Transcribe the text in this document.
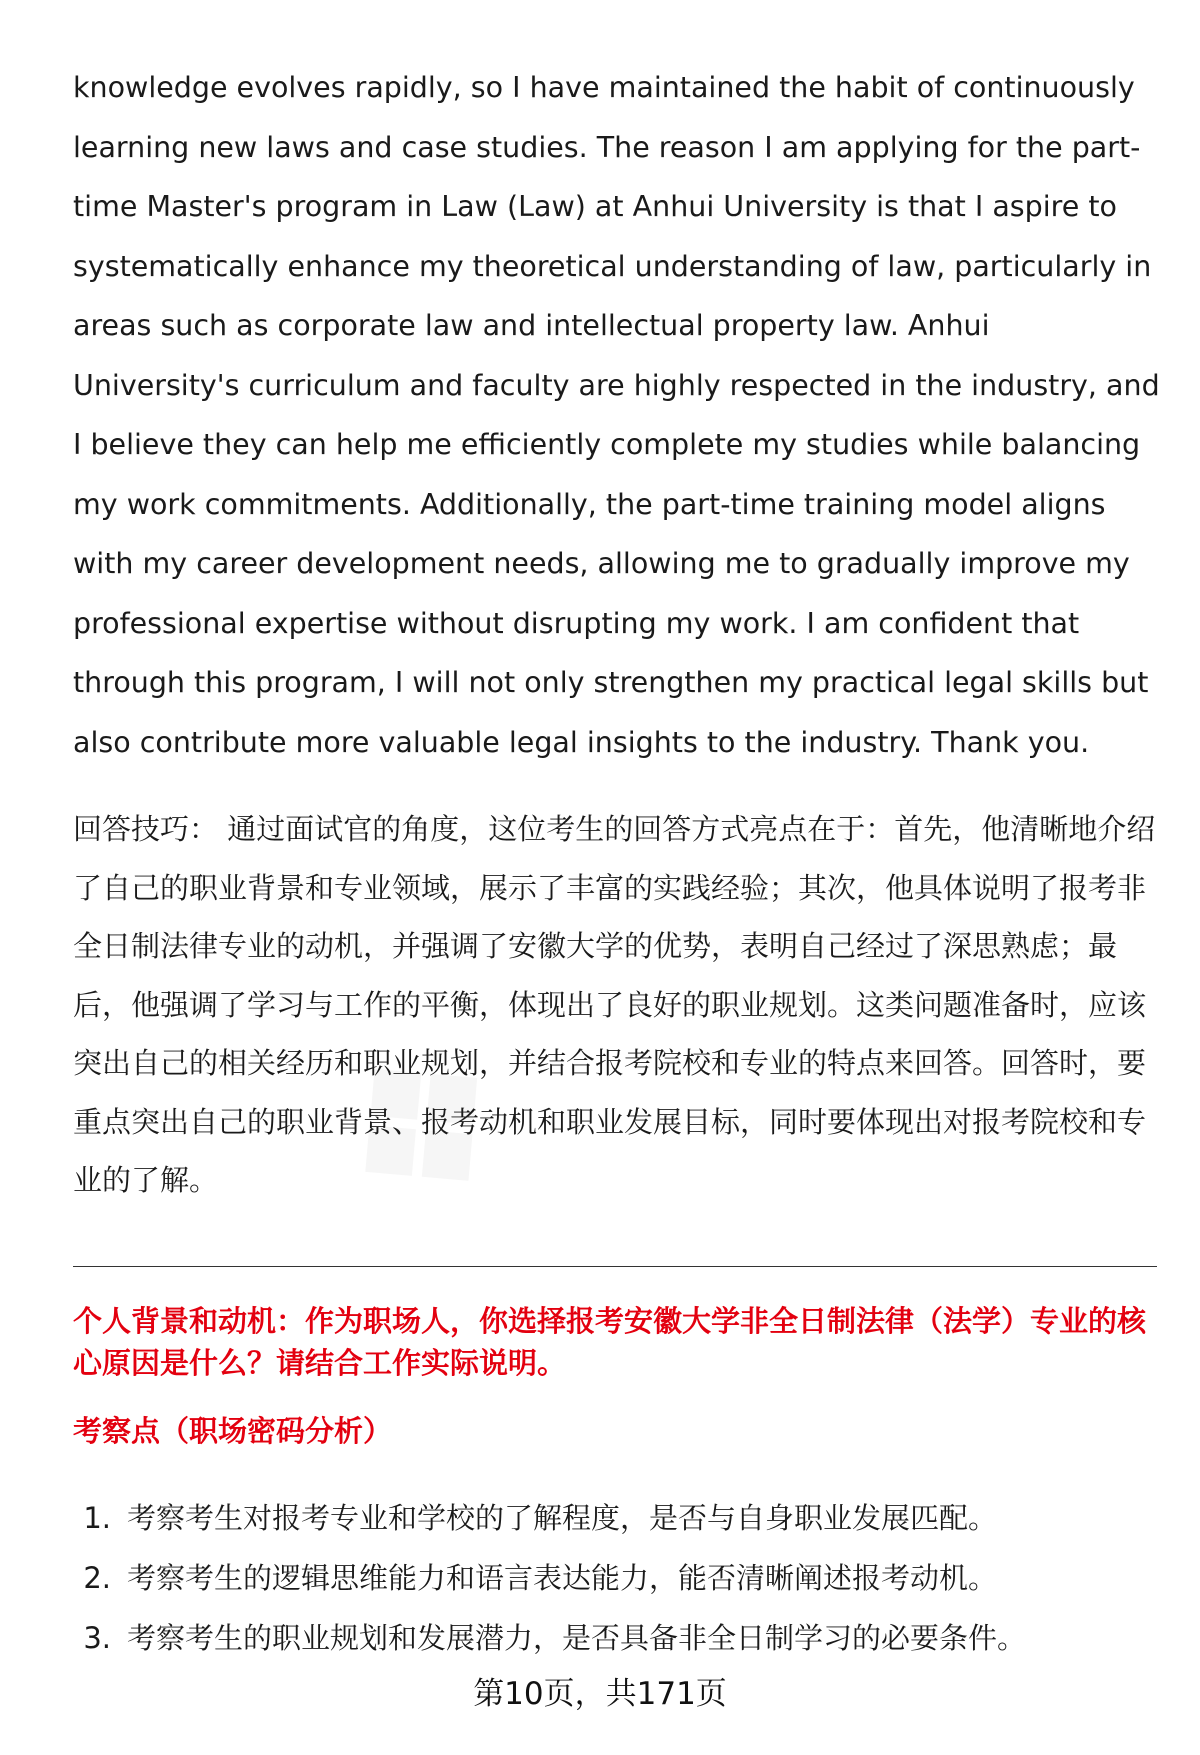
knowledge evolves rapidly, so I have maintained the habit of continuously learning new laws and case studies. The reason I am applying for the part-time Master's program in Law (Law) at Anhui University is that I aspire to systematically enhance my theoretical understanding of law, particularly in areas such as corporate law and intellectual property law. Anhui University's curriculum and faculty are highly respected in the industry, and I believe they can help me efficiently complete my studies while balancing my work commitments. Additionally, the part-time training model aligns with my career development needs, allowing me to gradually improve my professional expertise without disrupting my work. I am confident that through this program, I will not only strengthen my practical legal skills but also contribute more valuable legal insights to the industry. Thank you.

回答技巧： 通过面试官的角度，这位考生的回答方式亮点在于：首先，他清晰地介绍了自己的职业背景和专业领域，展示了丰富的实践经验；其次，他具体说明了报考非全日制法律专业的动机，并强调了安徽大学的优势，表明自己经过了深思熟虑；最后，他强调了学习与工作的平衡，体现出了良好的职业规划。这类问题准备时，应该突出自己的相关经历和职业规划，并结合报考院校和专业的特点来回答。回答时，要重点突出自己的职业背景、报考动机和职业发展目标，同时要体现出对报考院校和专业的了解。

个人背景和动机：作为职场人，你选择报考安徽大学非全日制法律（法学）专业的核心原因是什么？请结合工作实际说明。

考察点（职场密码分析）

1. 考察考生对报考专业和学校的了解程度，是否与自身职业发展匹配。
2. 考察考生的逻辑思维能力和语言表达能力，能否清晰阐述报考动机。
3. 考察考生的职业规划和发展潜力，是否具备非全日制学习的必要条件。
第10页，共171页
